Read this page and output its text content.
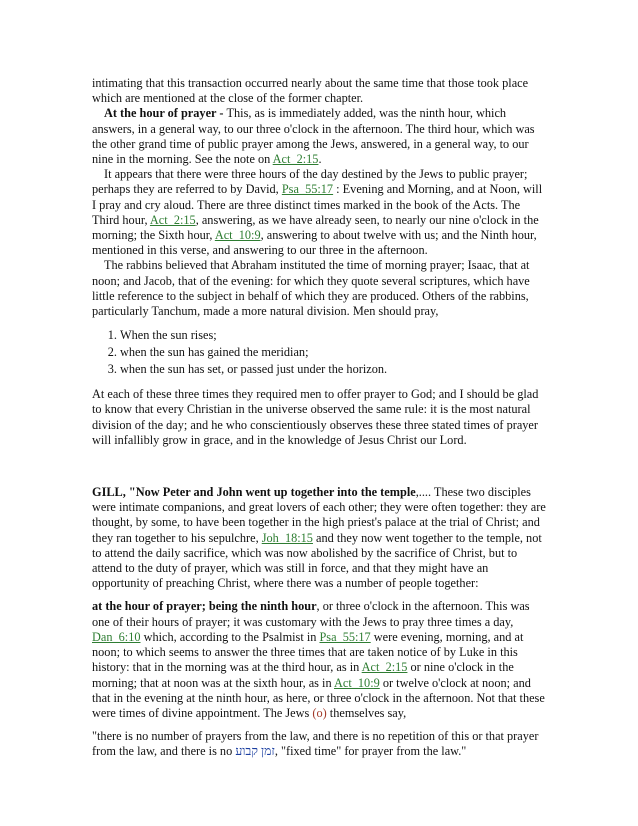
intimating that this transaction occurred nearly about the same time that those took place which are mentioned at the close of the former chapter.

At the hour of prayer - This, as is immediately added, was the ninth hour, which answers, in a general way, to our three o'clock in the afternoon. The third hour, which was the other grand time of public prayer among the Jews, answered, in a general way, to our nine in the morning. See the note on Act_2:15.

It appears that there were three hours of the day destined by the Jews to public prayer; perhaps they are referred to by David, Psa_55:17 : Evening and Morning, and at Noon, will I pray and cry aloud. There are three distinct times marked in the book of the Acts. The Third hour, Act_2:15, answering, as we have already seen, to nearly our nine o'clock in the morning; the Sixth hour, Act_10:9, answering to about twelve with us; and the Ninth hour, mentioned in this verse, and answering to our three in the afternoon.

The rabbins believed that Abraham instituted the time of morning prayer; Isaac, that at noon; and Jacob, that of the evening: for which they quote several scriptures, which have little reference to the subject in behalf of which they are produced. Others of the rabbins, particularly Tanchum, made a more natural division. Men should pray,

1. When the sun rises;
2. when the sun has gained the meridian;
3. when the sun has set, or passed just under the horizon.

At each of these three times they required men to offer prayer to God; and I should be glad to know that every Christian in the universe observed the same rule: it is the most natural division of the day; and he who conscientiously observes these three stated times of prayer will infallibly grow in grace, and in the knowledge of Jesus Christ our Lord.

GILL, "Now Peter and John went up together into the temple,.... These two disciples were intimate companions, and great lovers of each other; they were often together: they are thought, by some, to have been together in the high priest's palace at the trial of Christ; and they ran together to his sepulchre, Joh_18:15 and they now went together to the temple, not to attend the daily sacrifice, which was now abolished by the sacrifice of Christ, but to attend to the duty of prayer, which was still in force, and that they might have an opportunity of preaching Christ, where there was a number of people together:

at the hour of prayer; being the ninth hour, or three o'clock in the afternoon. This was one of their hours of prayer; it was customary with the Jews to pray three times a day, Dan_6:10 which, according to the Psalmist in Psa_55:17 were evening, morning, and at noon; to which seems to answer the three times that are taken notice of by Luke in this history: that in the morning was at the third hour, as in Act_2:15 or nine o'clock in the morning; that at noon was at the sixth hour, as in Act_10:9 or twelve o'clock at noon; and that in the evening at the ninth hour, as here, or three o'clock in the afternoon. Not that these were times of divine appointment. The Jews (o) themselves say,

"there is no number of prayers from the law, and there is no repetition of this or that prayer from the law, and there is no זמן קבוע, "fixed time" for prayer from the law."
